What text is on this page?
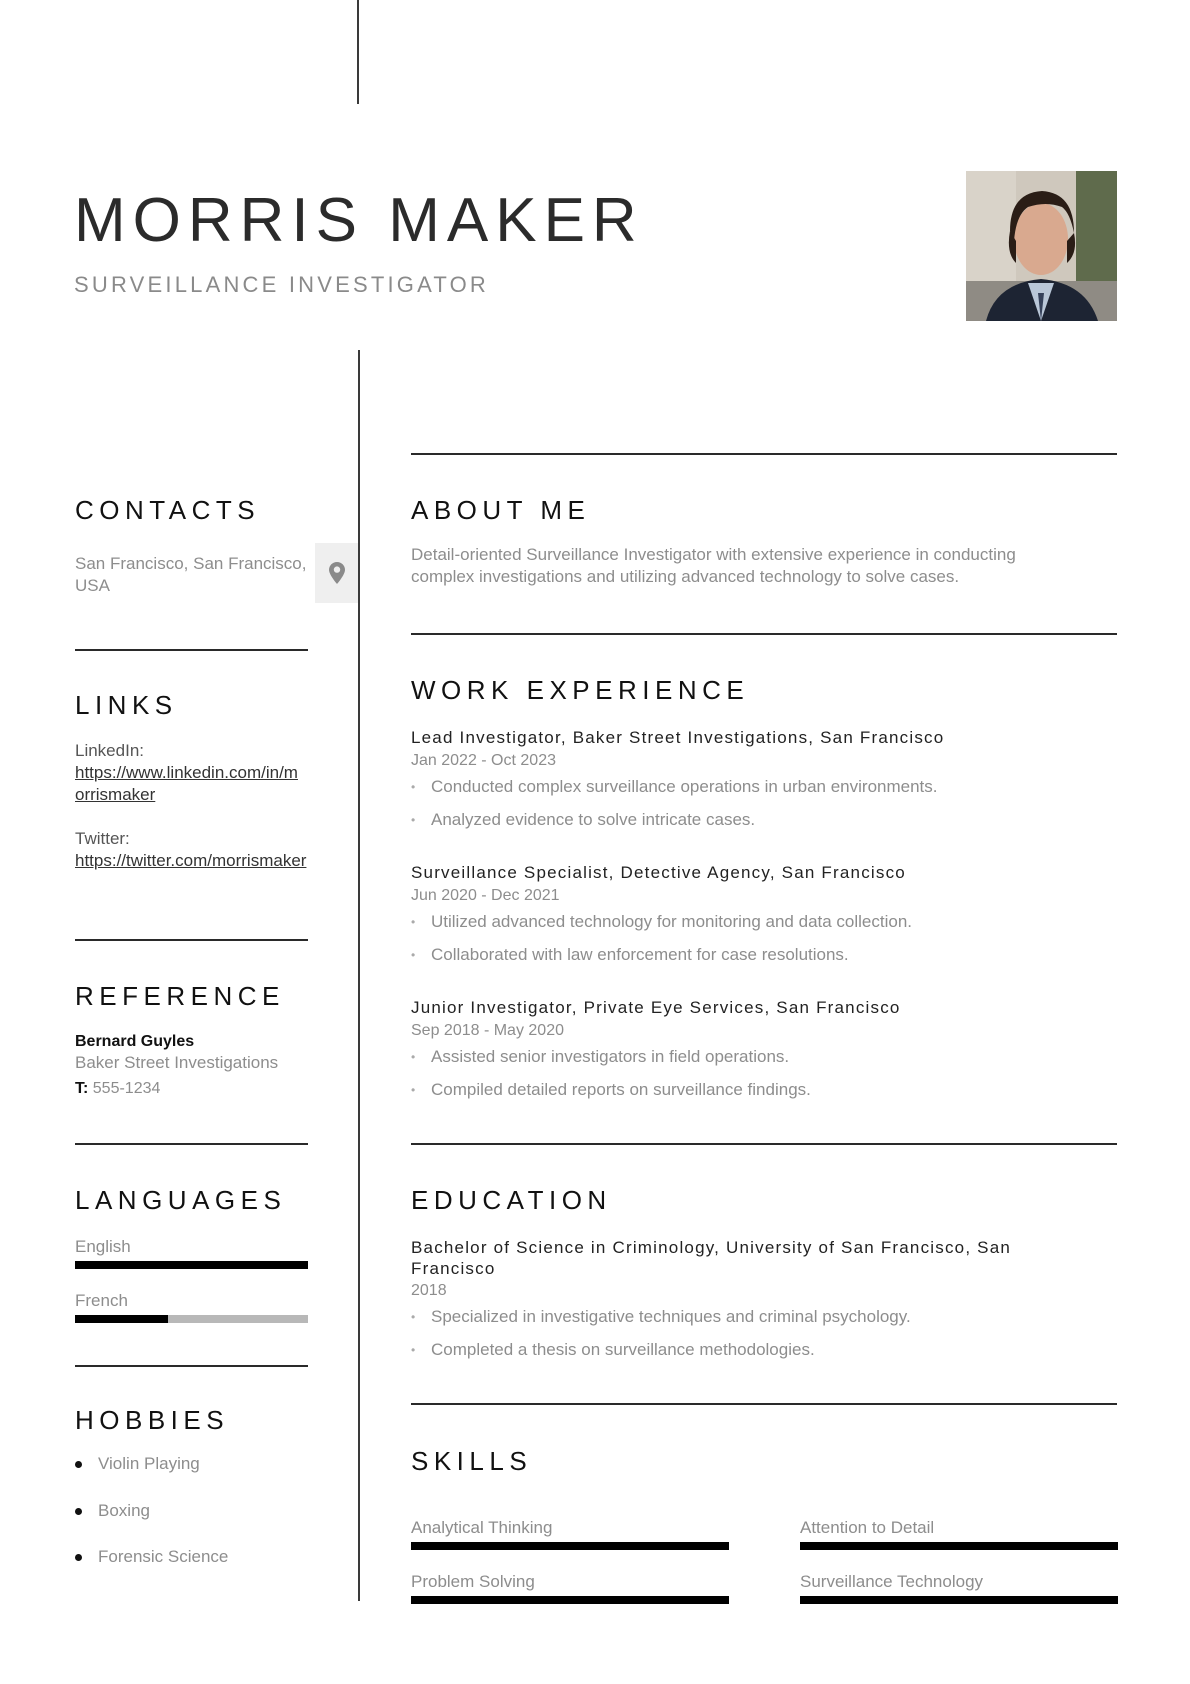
MORRIS MAKER
SURVEILLANCE INVESTIGATOR
CONTACTS
San Francisco, San Francisco, USA
LINKS
LinkedIn:
https://www.linkedin.com/in/morrismaker
Twitter:
https://twitter.com/morrismaker
REFERENCE
Bernard Guyles
Baker Street Investigations
T: 555-1234
LANGUAGES
English
French
HOBBIES
Violin Playing
Boxing
Forensic Science
ABOUT ME
Detail-oriented Surveillance Investigator with extensive experience in conducting complex investigations and utilizing advanced technology to solve cases.
WORK EXPERIENCE
Lead Investigator, Baker Street Investigations, San Francisco
Jan 2022 - Oct 2023
• Conducted complex surveillance operations in urban environments.
• Analyzed evidence to solve intricate cases.
Surveillance Specialist, Detective Agency, San Francisco
Jun 2020 - Dec 2021
• Utilized advanced technology for monitoring and data collection.
• Collaborated with law enforcement for case resolutions.
Junior Investigator, Private Eye Services, San Francisco
Sep 2018 - May 2020
• Assisted senior investigators in field operations.
• Compiled detailed reports on surveillance findings.
EDUCATION
Bachelor of Science in Criminology, University of San Francisco, San Francisco
2018
• Specialized in investigative techniques and criminal psychology.
• Completed a thesis on surveillance methodologies.
SKILLS
Analytical Thinking	Attention to Detail
Problem Solving	Surveillance Technology
